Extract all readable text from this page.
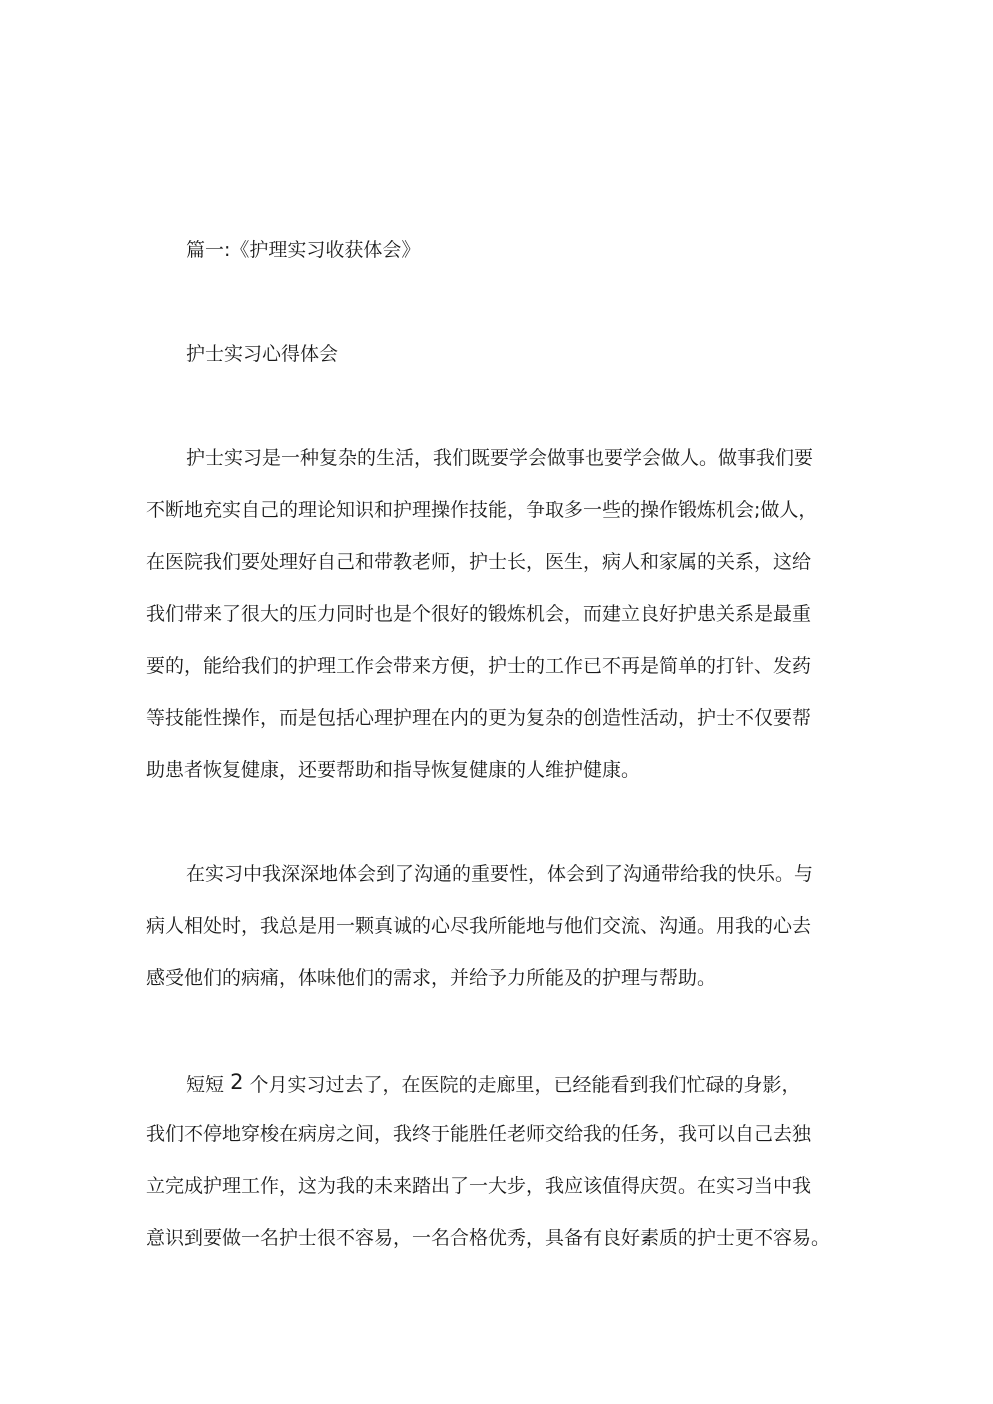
篇一:《护理实习收获体会》
护士实习心得体会
护士实习是一种复杂的生活，我们既要学会做事也要学会做人。做事我们要
不断地充实自己的理论知识和护理操作技能，争取多一些的操作锻炼机会;做人，
在医院我们要处理好自己和带教老师，护士长，医生，病人和家属的关系，这给
我们带来了很大的压力同时也是个很好的锻炼机会，而建立良好护患关系是最重
要的，能给我们的护理工作会带来方便，护士的工作已不再是简单的打针、发药
等技能性操作，而是包括心理护理在内的更为复杂的创造性活动，护士不仅要帮
助患者恢复健康，还要帮助和指导恢复健康的人维护健康。
在实习中我深深地体会到了沟通的重要性，体会到了沟通带给我的快乐。与
病人相处时，我总是用一颗真诚的心尽我所能地与他们交流、沟通。用我的心去
感受他们的病痛，体味他们的需求，并给予力所能及的护理与帮助。
短短 2 个月实习过去了，在医院的走廊里，已经能看到我们忙碌的身影，
我们不停地穿梭在病房之间，我终于能胜任老师交给我的任务，我可以自己去独
立完成护理工作，这为我的未来踏出了一大步，我应该值得庆贺。在实习当中我
意识到要做一名护士很不容易，一名合格优秀，具备有良好素质的护士更不容易。
